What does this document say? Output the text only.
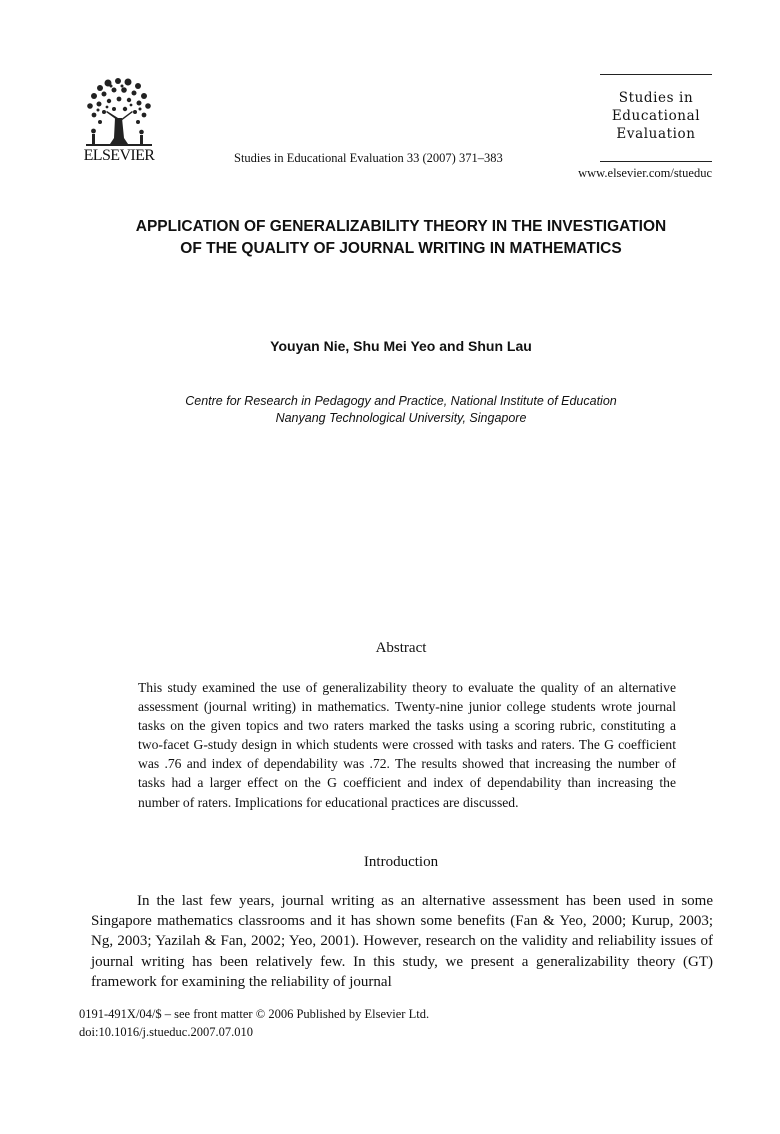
ELSEVIER	Studies in Educational Evaluation 33 (2007) 371–383
Studies in
Educational
Evaluation
www.elsevier.com/stueduc
APPLICATION OF GENERALIZABILITY THEORY IN THE INVESTIGATION OF THE QUALITY OF JOURNAL WRITING IN MATHEMATICS
Youyan Nie, Shu Mei Yeo and Shun Lau
Centre for Research in Pedagogy and Practice, National Institute of Education
Nanyang Technological University, Singapore
Abstract
This study examined the use of generalizability theory to evaluate the quality of an alternative assessment (journal writing) in mathematics. Twenty-nine junior college students wrote journal tasks on the given topics and two raters marked the tasks using a scoring rubric, constituting a two-facet G-study design in which students were crossed with tasks and raters. The G coefficient was .76 and index of dependability was .72. The results showed that increasing the number of tasks had a larger effect on the G coefficient and index of dependability than increasing the number of raters. Implications for educational practices are discussed.
Introduction
In the last few years, journal writing as an alternative assessment has been used in some Singapore mathematics classrooms and it has shown some benefits (Fan & Yeo, 2000; Kurup, 2003; Ng, 2003; Yazilah & Fan, 2002; Yeo, 2001). However, research on the validity and reliability issues of journal writing has been relatively few. In this study, we present a generalizability theory (GT) framework for examining the reliability of journal
0191-491X/04/$ – see front matter © 2006 Published by Elsevier Ltd.
doi:10.1016/j.stueduc.2007.07.010
